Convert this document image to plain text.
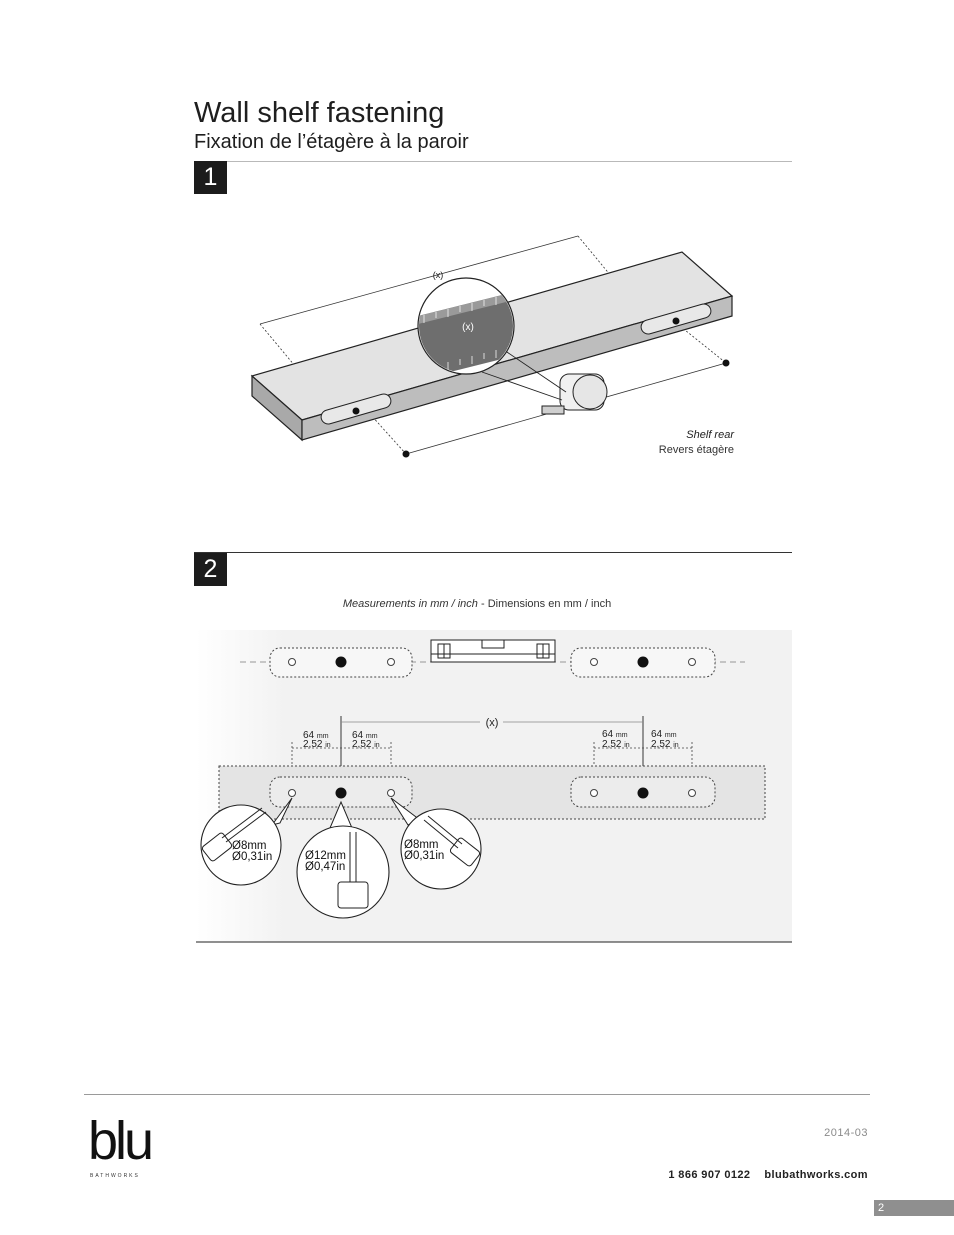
Wall shelf fastening
Fixation de l’étagère à la paroir
1
(x)
(x)
Shelf rear
Revers étagère
2
Measurements in mm / inch - Dimensions en mm / inch
(x)
64 mm
2,52 in
64 mm
2,52 in
64 mm
2,52 in
64 mm
2,52 in
Ø8mm
Ø0,31in	Ø12mm
Ø0,47in
Ø8mm
Ø0,31in
blu
BATHWORKS
2014-03
1 866 907 0122 blubathworks.com
2
